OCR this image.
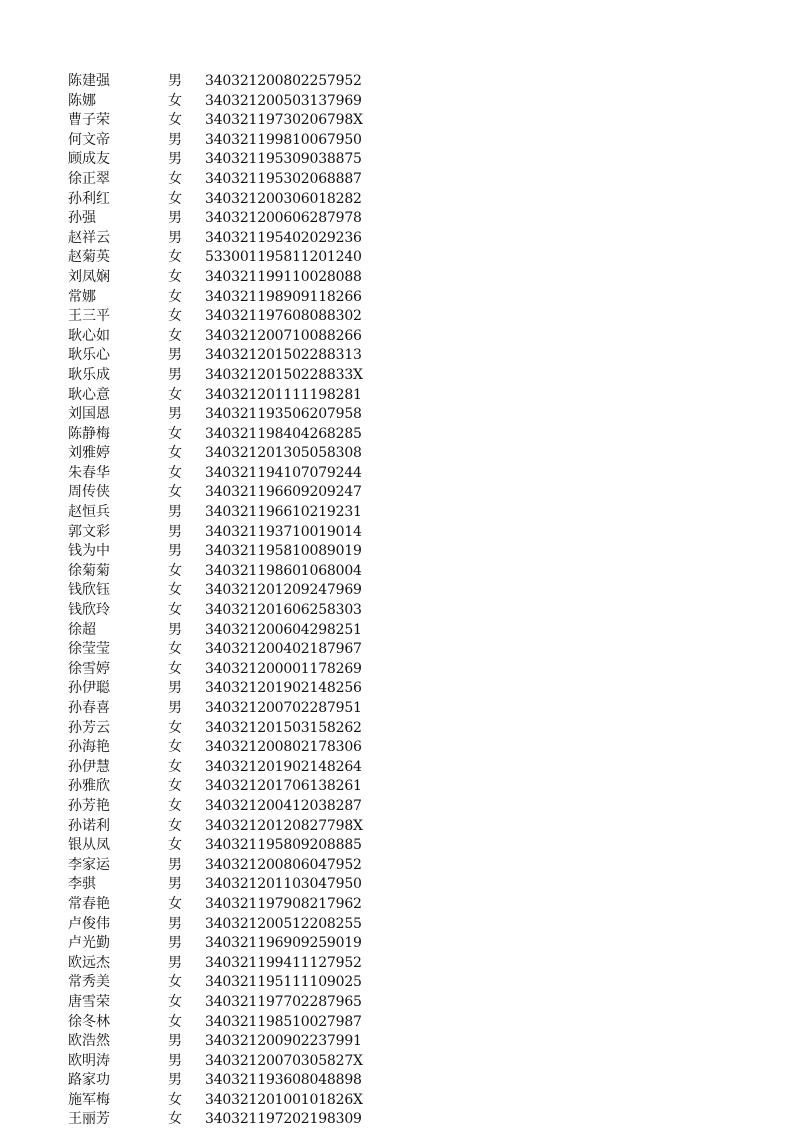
陈建强	男 340321200802257952
陈娜	女 340321200503137969
曹子荣	女 34032119730206798X
何文帝	男 340321199810067950
顾成友	男 340321195309038875
徐正翠	女 340321195302068887
孙利红	女 340321200306018282
孙强	男 340321200606287978
赵祥云	男 340321195402029236
赵菊英	女 533001195811201240
刘凤娴	女 340321199110028088
常娜	女 340321198909118266
王三平	女 340321197608088302
耿心如	女 340321200710088266
耿乐心	男 340321201502288313
耿乐成	男 34032120150228833X
耿心意	女 340321201111198281
刘国恩	男 340321193506207958
陈静梅	女 340321198404268285
刘雅婷	女 340321201305058308
朱春华	女 340321194107079244
周传侠	女 340321196609209247
赵恒兵	男 340321196610219231
郭文彩	男 340321193710019014
钱为中	男 340321195810089019
徐菊菊	女 340321198601068004
钱欣钰	女 340321201209247969
钱欣玲	女 340321201606258303
徐超	男 340321200604298251
徐莹莹	女 340321200402187967
徐雪婷	女 340321200001178269
孙伊聪	男 340321201902148256
孙春喜	男 340321200702287951
孙芳云	女 340321201503158262
孙海艳	女 340321200802178306
孙伊慧	女 340321201902148264
孙雅欣	女 340321201706138261
孙芳艳	女 340321200412038287
孙诺利	女 34032120120827798X
银从凤	女 340321195809208885
李家运	男 340321200806047952
李骐	男 340321201103047950
常春艳	女 340321197908217962
卢俊伟	男 340321200512208255
卢光勤	男 340321196909259019
欧远杰	男 340321199411127952
常秀美	女 340321195111109025
唐雪荣	女 340321197702287965
徐冬林	女 340321198510027987
欧浩然	男 340321200902237991
欧明涛	男 34032120070305827X
路家功	男 340321193608048898
施军梅	女 34032120100101826X
王丽芳	女 340321197202198309
